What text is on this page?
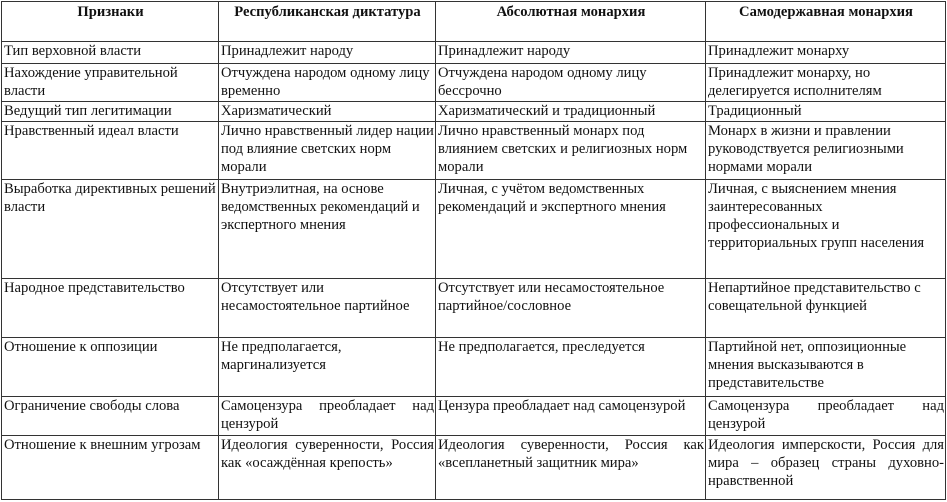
Признаки	Республиканская диктатура	Абсолютная монархия	Самодержавная монархия
Тип верховной власти	Принадлежит народу	Принадлежит народу	Принадлежит монарху
Нахождение управительной власти	Отчуждена народом одному лицу временно	Отчуждена народом одному лицу бессрочно	Принадлежит монарху, но делегируется исполнителям
Ведущий тип легитимации	Харизматический	Харизматический и традиционный	Традиционный
Нравственный идеал власти	Лично нравственный лидер нации под влияние светских норм морали	Лично нравственный монарх под влиянием светских и религиозных норм морали	Монарх в жизни и правлении руководствуется религиозными нормами морали
Выработка директивных решений власти	Внутриэлитная, на основе ведомственных рекомендаций и экспертного мнения	Личная, с учётом ведомственных рекомендаций и экспертного мнения	Личная, с выяснением мнения заинтересованных профессиональных и территориальных групп населения
Народное представительство	Отсутствует или несамостоятельное партийное	Отсутствует или несамостоятельное партийное/сословное	Непартийное представительство с совещательной функцией
Отношение к оппозиции	Не предполагается, маргинализуется	Не предполагается, преследуется	Партийной нет, оппозиционные мнения высказываются в представительстве
Ограничение свободы слова	Самоцензура преобладает над цензурой	Цензура преобладает над самоцензурой	Самоцензура преобладает над цензурой
Отношение к внешним угрозам	Идеология суверенности, Россия как «осаждённая крепость»	Идеология суверенности, Россия как «всепланетный защитник мира»	Идеология имперскости, Россия для мира – образец страны духовно-нравственной
